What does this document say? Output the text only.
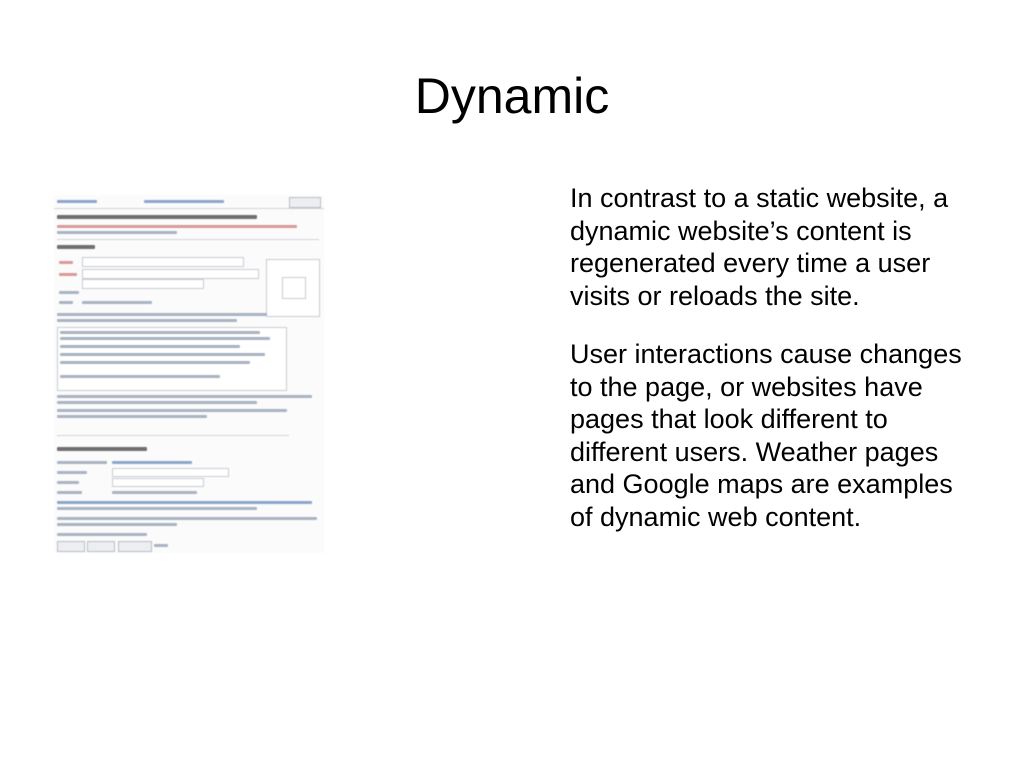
Dynamic

In contrast to a static website, a dynamic website’s content is regenerated every time a user visits or reloads the site.

User interactions cause changes to the page, or websites have pages that look different to different users. Weather pages and Google maps are examples of dynamic web content.
